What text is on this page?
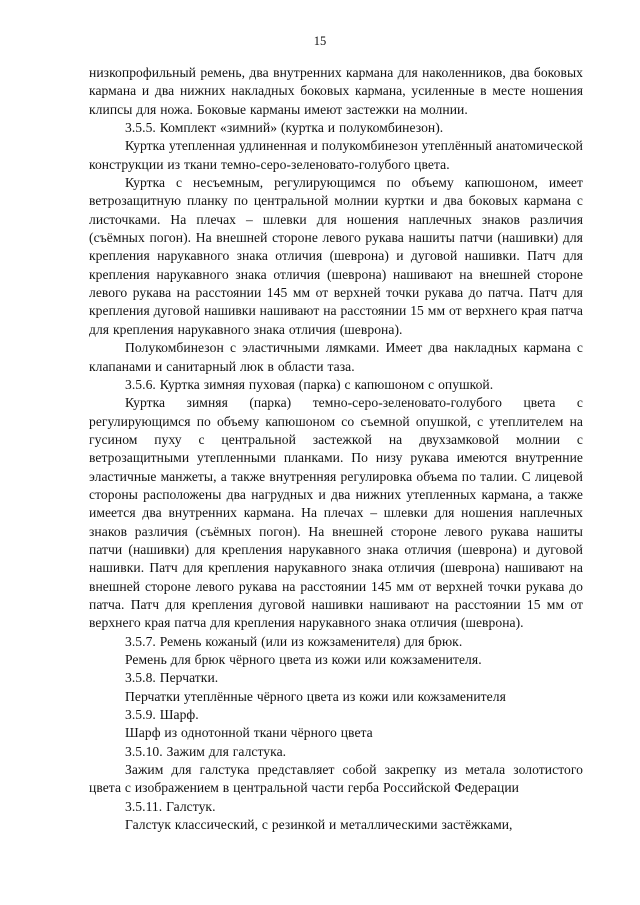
15

низкопрофильный ремень, два внутренних кармана для наколенников, два боковых кармана и два нижних накладных боковых кармана, усиленные в месте ношения клипсы для ножа. Боковые карманы имеют застежки на молнии.

3.5.5. Комплект «зимний» (куртка и полукомбинезон).

Куртка утепленная удлиненная и полукомбинезон утеплённый анатомической конструкции из ткани темно-серо-зеленовато-голубого цвета.

Куртка с несъемным, регулирующимся по объему капюшоном, имеет ветрозащитную планку по центральной молнии куртки и два боковых кармана с листочками. На плечах – шлевки для ношения наплечных знаков различия (съёмных погон). На внешней стороне левого рукава нашиты патчи (нашивки) для крепления нарукавного знака отличия (шеврона) и дуговой нашивки. Патч для крепления нарукавного знака отличия (шеврона) нашивают на внешней стороне левого рукава на расстоянии 145 мм от верхней точки рукава до патча. Патч для крепления дуговой нашивки нашивают на расстоянии 15 мм от верхнего края патча для крепления нарукавного знака отличия (шеврона).

Полукомбинезон с эластичными лямками. Имеет два накладных кармана с клапанами и санитарный люк в области таза.

3.5.6. Куртка зимняя пуховая (парка) с капюшоном с опушкой.

Куртка зимняя (парка) темно-серо-зеленовато-голубого цвета с регулирующимся по объему капюшоном со съемной опушкой, с утеплителем на гусином пуху с центральной застежкой на двухзамковой молнии с ветрозащитными утепленными планками. По низу рукава имеются внутренние эластичные манжеты, а также внутренняя регулировка объема по талии. С лицевой стороны расположены два нагрудных и два нижних утепленных кармана, а также имеется два внутренних кармана. На плечах – шлевки для ношения наплечных знаков различия (съёмных погон). На внешней стороне левого рукава нашиты патчи (нашивки) для крепления нарукавного знака отличия (шеврона) и дуговой нашивки. Патч для крепления нарукавного знака отличия (шеврона) нашивают на внешней стороне левого рукава на расстоянии 145 мм от верхней точки рукава до патча. Патч для крепления дуговой нашивки нашивают на расстоянии 15 мм от верхнего края патча для крепления нарукавного знака отличия (шеврона).

3.5.7. Ремень кожаный (или из кожзаменителя) для брюк.

Ремень для брюк чёрного цвета из кожи или кожзаменителя.

3.5.8. Перчатки.

Перчатки утеплённые чёрного цвета из кожи или кожзаменителя

3.5.9. Шарф.

Шарф из однотонной ткани чёрного цвета

3.5.10. Зажим для галстука.

Зажим для галстука представляет собой закрепку из метала золотистого цвета с изображением в центральной части герба Российской Федерации

3.5.11. Галстук.

Галстук классический, с резинкой и металлическими застёжками,
